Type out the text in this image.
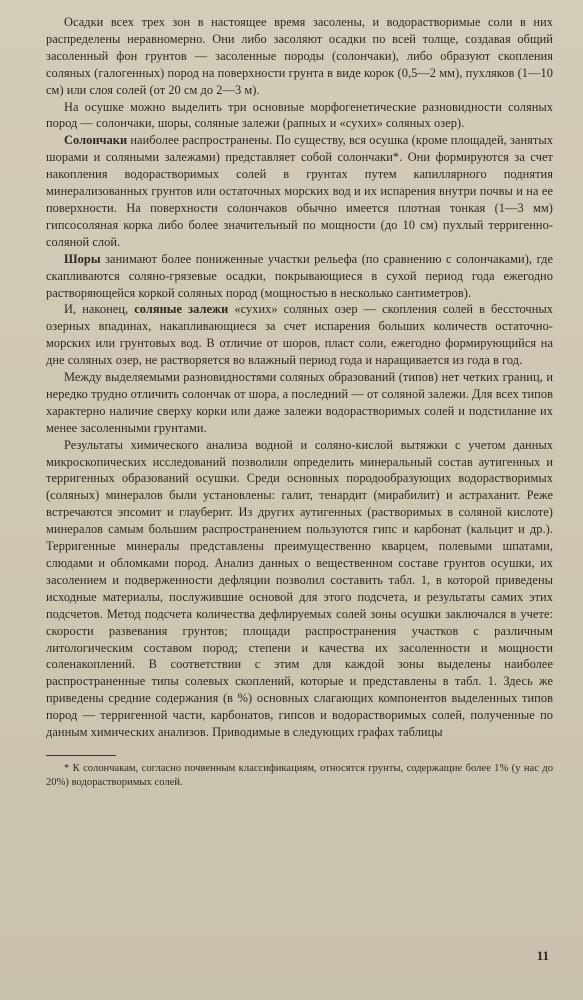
Осадки всех трех зон в настоящее время засолены, и водорастворимые соли в них распределены неравномерно. Они либо засоляют осадки по всей толще, создавая общий засоленный фон грунтов — засоленные породы (солончаки), либо образуют скопления соляных (галогенных) пород на поверхности грунта в виде корок (0,5—2 мм), пухляков (1—10 см) или слоя солей (от 20 см до 2—3 м).

На осушке можно выделить три основные морфогенетические разновидности соляных пород — солончаки, шоры, соляные залежи (рапных и «сухих» соляных озер).

Солончаки наиболее распространены. По существу, вся осушка (кроме площадей, занятых шорами и соляными залежами) представляет собой солончаки*. Они формируются за счет накопления водорастворимых солей в грунтах путем капиллярного поднятия минерализованных грунтов или остаточных морских вод и их испарения внутри почвы и на ее поверхности. На поверхности солончаков обычно имеется плотная тонкая (1—3 мм) гипсосоляная корка либо более значительный по мощности (до 10 см) пухлый терригенно-соляной слой.

Шоры занимают более пониженные участки рельефа (по сравнению с солончаками), где скапливаются соляно-грязевые осадки, покрывающиеся в сухой период года ежегодно растворяющейся коркой соляных пород (мощностью в несколько сантиметров).

И, наконец, соляные залежи «сухих» соляных озер — скопления солей в бессточных озерных впадинах, накапливающиеся за счет испарения больших количеств остаточно-морских или грунтовых вод. В отличие от шоров, пласт соли, ежегодно формирующийся на дне соляных озер, не растворяется во влажный период года и наращивается из года в год.

Между выделяемыми разновидностями соляных образований (типов) нет четких границ, и нередко трудно отличить солончак от шора, а последний — от соляной залежи. Для всех типов характерно наличие сверху корки или даже залежи водорастворимых солей и подстилание их менее засоленными грунтами.

Результаты химического анализа водной и соляно-кислой вытяжки с учетом данных микроскопических исследований позволили определить минеральный состав аутигенных и терригенных образований осушки. Среди основных породообразующих водорастворимых (соляных) минералов были установлены: галит, тенардит (мирабилит) и астраханит. Реже встречаются эпсомит и глауберит. Из других аутигенных (растворимых в соляной кислоте) минералов самым большим распространением пользуются гипс и карбонат (кальцит и др.). Терригенные минералы представлены преимущественно кварцем, полевыми шпатами, слюдами и обломками пород. Анализ данных о вещественном составе грунтов осушки, их засолением и подверженности дефляции позволил составить табл. 1, в которой приведены исходные материалы, послужившие основой для этого подсчета, и результаты самих этих подсчетов. Метод подсчета количества дефлируемых солей зоны осушки заключался в учете: скорости развевания грунтов; площади распространения участков с различным литологическим составом пород; степени и качества их засоленности и мощности соленакоплений. В соответствии с этим для каждой зоны выделены наиболее распространенные типы солевых скоплений, которые и представлены в табл. 1. Здесь же приведены средние содержания (в %) основных слагающих компонентов выделенных типов пород — терригенной части, карбонатов, гипсов и водорастворимых солей, полученные по данным химических анализов. Приводимые в следующих графах таблицы

* К солончакам, согласно почвенным классификациям, относятся грунты, содержащие более 1% (у нас до 20%) водорастворимых солей.

11
